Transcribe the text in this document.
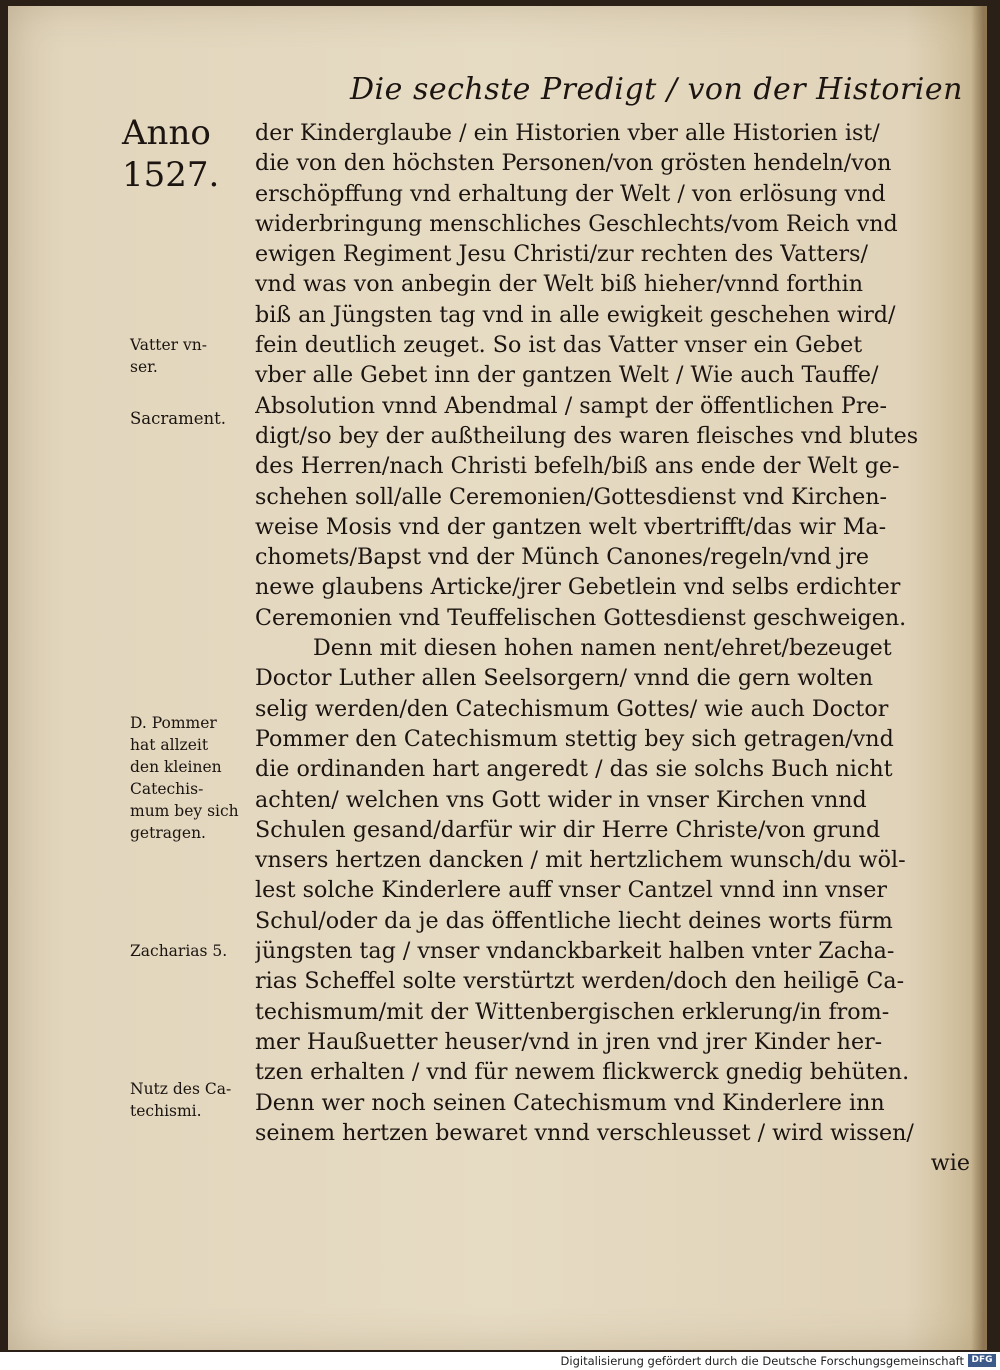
Die sechste Predigt / von der Historien
Anno
1527.
der Kinderglaube / ein Historien vber alle Historien ist/
die von den höchsten Personen/von grösten hendeln/von
erschöpffung vnd erhaltung der Welt / von erlösung vnd
widerbringung menschliches Geschlechts/vom Reich vnd
ewigen Regiment Jesu Christi/zur rechten des Vatters/
vnd was von anbegin der Welt biß hieher/vnnd forthin
biß an Jüngsten tag vnd in alle ewigkeit geschehen wird/
fein deutlich zeuget. So ist das Vatter vnser ein Gebet
vber alle Gebet inn der gantzen Welt / Wie auch Tauffe/
Absolution vnnd Abendmal / sampt der öffentlichen Pre-
digt/so bey der außtheilung des waren fleisches vnd blutes
des Herren/nach Christi befelh/biß ans ende der Welt ge-
schehen soll/alle Ceremonien/Gottesdienst vnd Kirchen-
weise Mosis vnd der gantzen welt vbertrifft/das wir Ma-
chomets/Bapst vnd der Münch Canones/regeln/vnd jre
newe glaubens Articke/jrer Gebetlein vnd selbs erdichter
Ceremonien vnd Teuffelischen Gottesdienst geschweigen.
Denn mit diesen hohen namen nent/ehret/bezeuget
Doctor Luther allen Seelsorgern/ vnnd die gern wolten
selig werden/den Catechismum Gottes/ wie auch Doctor
Pommer den Catechismum stettig bey sich getragen/vnd
die ordinanden hart angeredt / das sie solchs Buch nicht
achten/ welchen vns Gott wider in vnser Kirchen vnnd
Schulen gesand/darfür wir dir Herre Christe/von grund
vnsers hertzen dancken / mit hertzlichem wunsch/du wöl-
lest solche Kinderlere auff vnser Cantzel vnnd inn vnser
Schul/oder da je das öffentliche liecht deines worts fürm
jüngsten tag / vnser vndanckbarkeit halben vnter Zacha-
rias Scheffel solte verstürtzt werden/doch den heiligē Ca-
techismum/mit der Wittenbergischen erklerung/in from-
mer Haußuetter heuser/vnd in jren vnd jrer Kinder her-
tzen erhalten / vnd für newem flickwerck gnedig behüten.
Denn wer noch seinen Catechismum vnd Kinderlere inn
seinem hertzen bewaret vnnd verschleusset / wird wissen/
wie
Vatter vn-
ser.
Sacrament.
D. Pommer
hat allzeit
den kleinen
Catechis-
mum bey sich
getragen.
Zacharias 5.
Nutz des Ca-
techismi.
Digitalisierung gefördert durch die Deutsche Forschungsgemeinschaft DFG
